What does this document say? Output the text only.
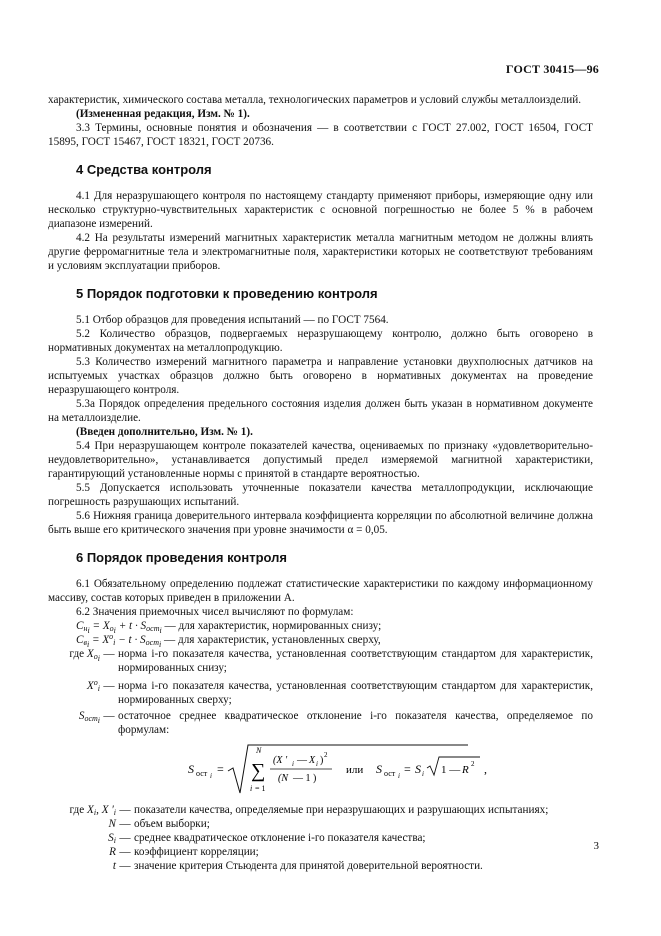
ГОСТ 30415—96

характеристик, химического состава металла, технологических параметров и условий службы металлоизделий.

(Измененная редакция, Изм. № 1).

3.3 Термины, основные понятия и обозначения — в соответствии с ГОСТ 27.002, ГОСТ 16504, ГОСТ 15895, ГОСТ 15467, ГОСТ 18321, ГОСТ 20736.

4 Средства контроля

4.1 Для неразрушающего контроля по настоящему стандарту применяют приборы, измеряющие одну или несколько структурно-чувствительных характеристик с основной погрешностью не более 5 % в рабочем диапазоне измерений.

4.2 На результаты измерений магнитных характеристик металла магнитным методом не должны влиять другие ферромагнитные тела и электромагнитные поля, характеристики которых не соответствуют требованиям и условиям эксплуатации приборов.

5 Порядок подготовки к проведению контроля

5.1 Отбор образцов для проведения испытаний — по ГОСТ 7564.

5.2 Количество образцов, подвергаемых неразрушающему контролю, должно быть оговорено в нормативных документах на металлопродукцию.

5.3 Количество измерений магнитного параметра и направление установки двухполюсных датчиков на испытуемых участках образцов должно быть оговорено в нормативных документах на проведение неразрушающего контроля.

5.3а Порядок определения предельного состояния изделия должен быть указан в нормативном документе на металлоизделие.

(Введен дополнительно, Изм. № 1).

5.4 При неразрушающем контроле показателей качества, оцениваемых по признаку «удовлетворительно-неудовлетворительно», устанавливается допустимый предел измеряемой магнитной характеристики, гарантирующий установленные нормы с принятой в стандарте вероятностью.

5.5 Допускается использовать уточненные показатели качества металлопродукции, исключающие погрешность разрушающих испытаний.

5.6 Нижняя граница доверительного интервала коэффициента корреляции по абсолютной величине должна быть выше его критического значения при уровне значимости α = 0,05.

6 Порядок проведения контроля

6.1 Обязательному определению подлежат статистические характеристики по каждому информационному массиву, состав которых приведен в приложении А.

6.2 Значения приемочных чисел вычисляют по формулам:

$C_{н_i} = X_{o_i} + t \cdot S_{ост_i}$ — для характеристик, нормированных снизу;

$C_{в_i} = X^o_i - t \cdot S_{ост_i}$ — для характеристик, установленных сверху,

где $X_{o_i}$ — норма i-го показателя качества, установленная соответствующим стандартом для характеристик, нормированных снизу;
$X^o_i$ — норма i-го показателя качества, установленная соответствующим стандартом для характеристик, нормированных сверху;
$S_{ост_i}$ — остаточное среднее квадратическое отклонение i-го показателя качества, определяемое по формулам:
S ост i =
N
∑
i = 1
(X ′ i — X i ) 2
(N — 1 )
или S ост i = S i 1 — R 2 ,
где $X_i$, X $'_i$ — показатели качества, определяемые при неразрушающих и разрушающих испытаниях;
N — объем выборки;
$S_i$ — среднее квадратическое отклонение i-го показателя качества;
R — коэффициент корреляции;
t — значение критерия Стьюдента для принятой доверительной вероятности.
3
